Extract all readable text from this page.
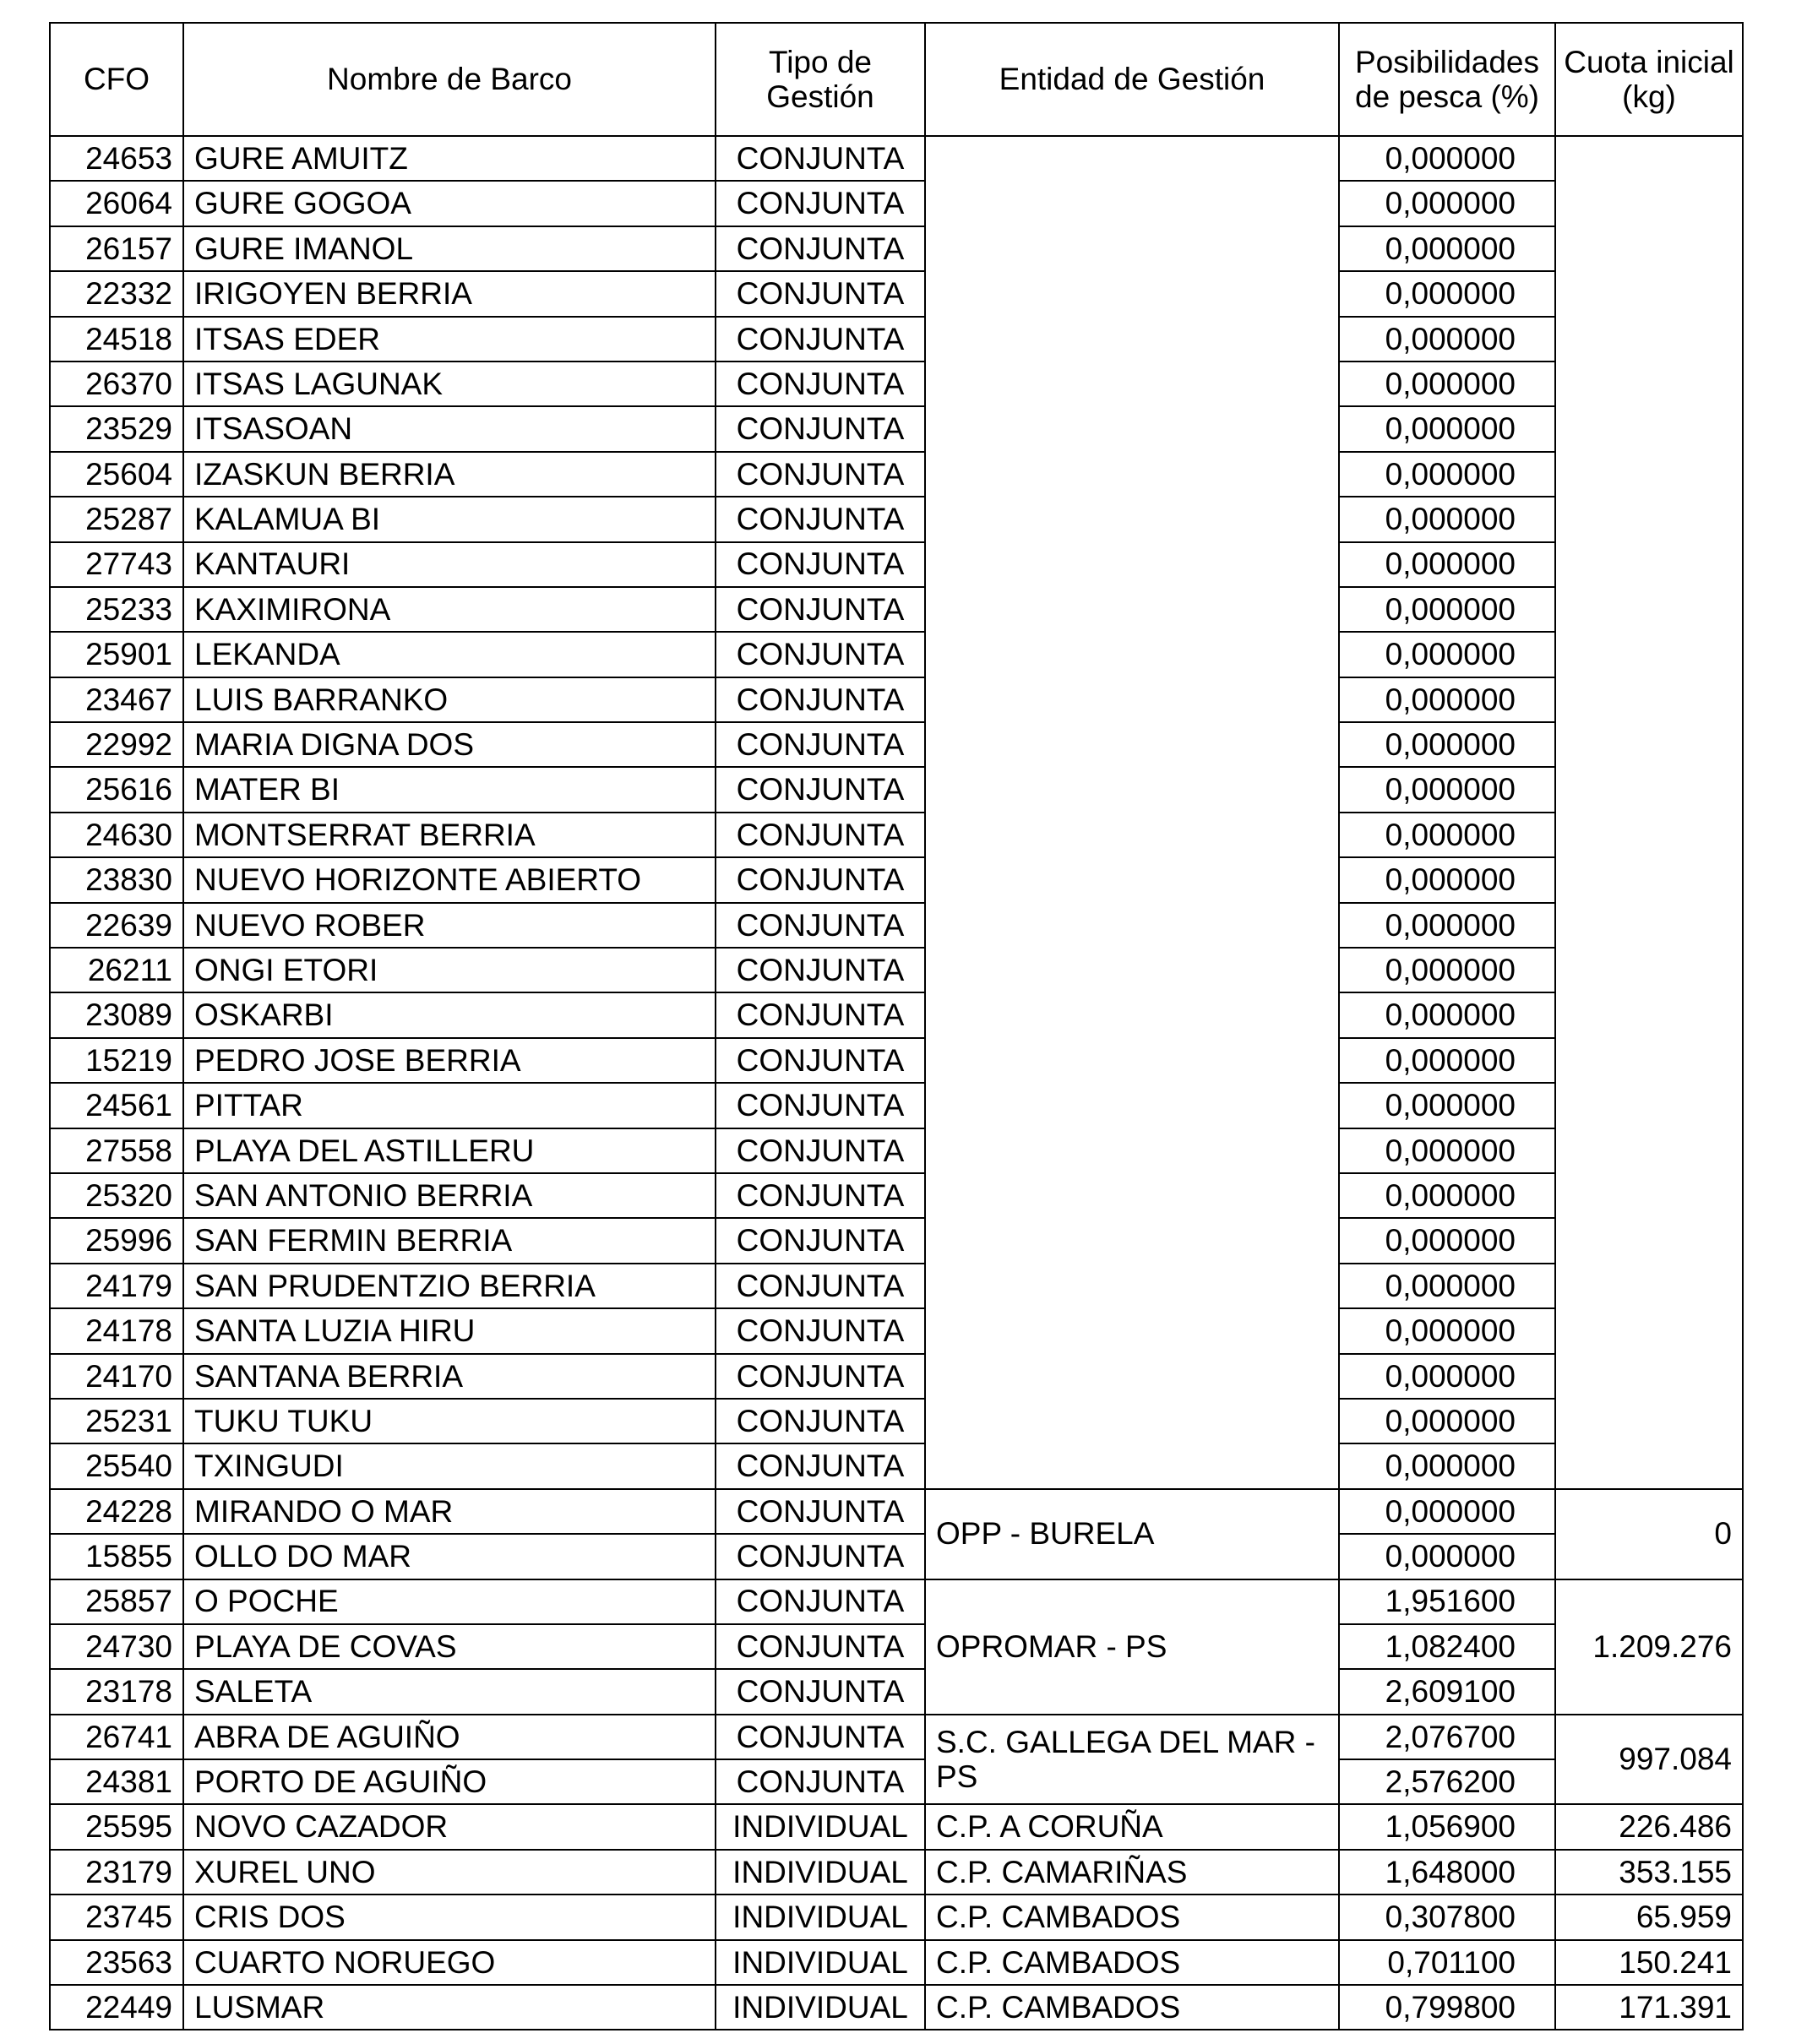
CFO	Nombre de Barco	Tipo de Gestión	Entidad de Gestión	Posibilidades de pesca (%)	Cuota inicial (kg)
24653	GURE AMUITZ	CONJUNTA		0,000000	
26064	GURE GOGOA	CONJUNTA		0,000000	
26157	GURE IMANOL	CONJUNTA		0,000000	
22332	IRIGOYEN BERRIA	CONJUNTA		0,000000	
24518	ITSAS EDER	CONJUNTA		0,000000	
26370	ITSAS LAGUNAK	CONJUNTA		0,000000	
23529	ITSASOAN	CONJUNTA		0,000000	
25604	IZASKUN BERRIA	CONJUNTA		0,000000	
25287	KALAMUA BI	CONJUNTA		0,000000	
27743	KANTAURI	CONJUNTA		0,000000	
25233	KAXIMIRONA	CONJUNTA		0,000000	
25901	LEKANDA	CONJUNTA		0,000000	
23467	LUIS BARRANKO	CONJUNTA		0,000000	
22992	MARIA DIGNA DOS	CONJUNTA		0,000000	
25616	MATER BI	CONJUNTA		0,000000	
24630	MONTSERRAT BERRIA	CONJUNTA		0,000000	
23830	NUEVO HORIZONTE ABIERTO	CONJUNTA		0,000000	
22639	NUEVO ROBER	CONJUNTA		0,000000	
26211	ONGI ETORI	CONJUNTA		0,000000	
23089	OSKARBI	CONJUNTA		0,000000	
15219	PEDRO JOSE BERRIA	CONJUNTA		0,000000	
24561	PITTAR	CONJUNTA		0,000000	
27558	PLAYA DEL ASTILLERU	CONJUNTA		0,000000	
25320	SAN ANTONIO BERRIA	CONJUNTA		0,000000	
25996	SAN FERMIN BERRIA	CONJUNTA		0,000000	
24179	SAN PRUDENTZIO BERRIA	CONJUNTA		0,000000	
24178	SANTA LUZIA HIRU	CONJUNTA		0,000000	
24170	SANTANA BERRIA	CONJUNTA		0,000000	
25231	TUKU TUKU	CONJUNTA		0,000000	
25540	TXINGUDI	CONJUNTA		0,000000	
24228	MIRANDO O MAR	CONJUNTA	OPP - BURELA	0,000000	0
15855	OLLO DO MAR	CONJUNTA		0,000000	
25857	O POCHE	CONJUNTA	OPROMAR - PS	1,951600	1.209.276
24730	PLAYA DE COVAS	CONJUNTA		1,082400	
23178	SALETA	CONJUNTA		2,609100	
26741	ABRA DE AGUIÑO	CONJUNTA	S.C. GALLEGA DEL MAR - PS	2,076700	997.084
24381	PORTO DE AGUIÑO	CONJUNTA		2,576200	
25595	NOVO CAZADOR	INDIVIDUAL	C.P. A CORUÑA	1,056900	226.486
23179	XUREL UNO	INDIVIDUAL	C.P. CAMARIÑAS	1,648000	353.155
23745	CRIS DOS	INDIVIDUAL	C.P. CAMBADOS	0,307800	65.959
23563	CUARTO NORUEGO	INDIVIDUAL	C.P. CAMBADOS	0,701100	150.241
22449	LUSMAR	INDIVIDUAL	C.P. CAMBADOS	0,799800	171.391
